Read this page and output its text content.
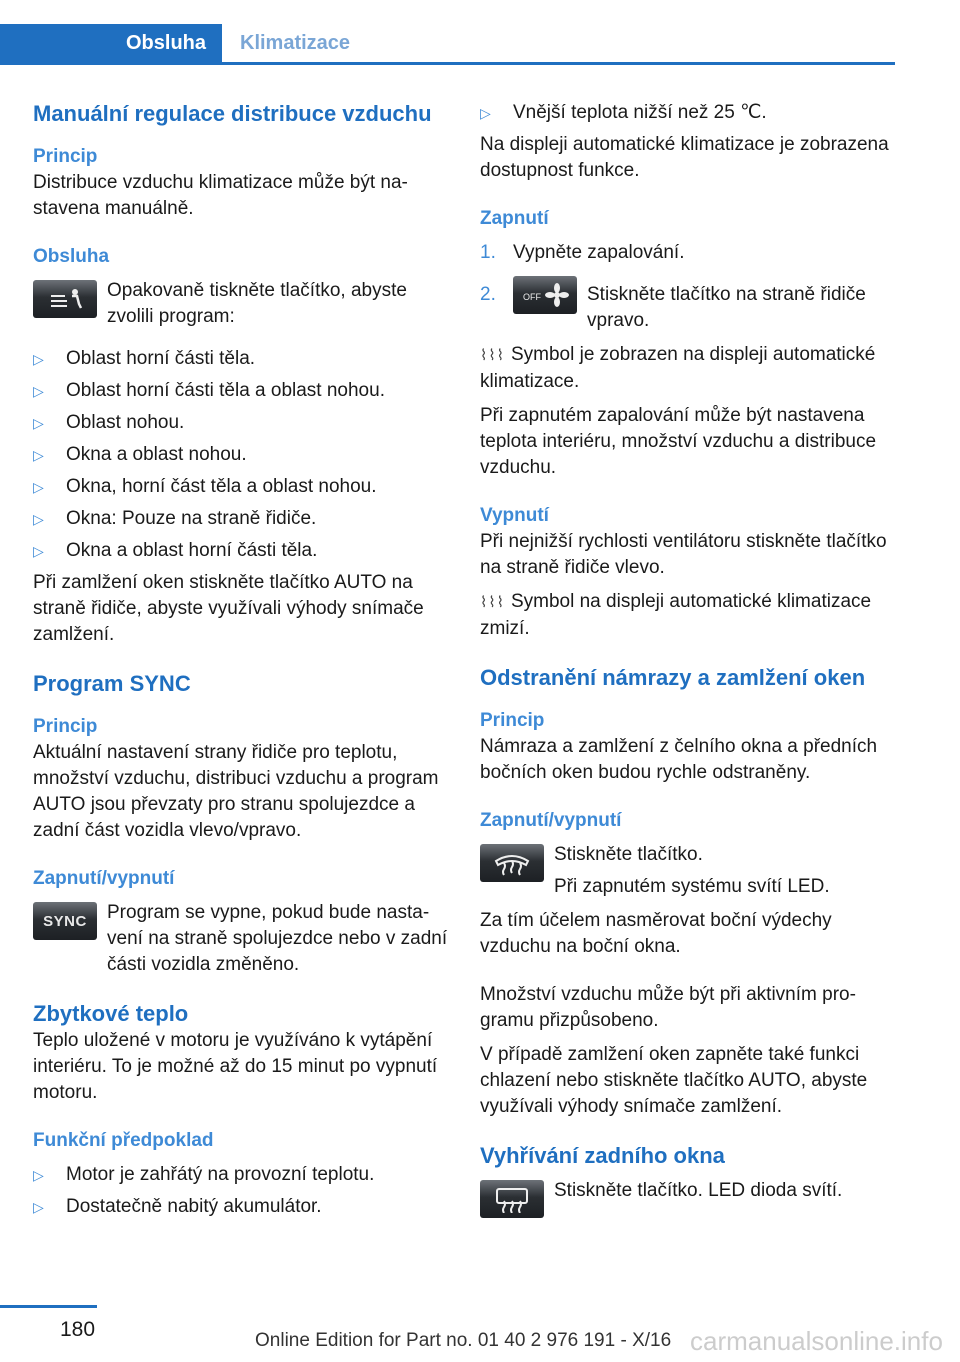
Obsluha Klimatizace
Manuální regulace distribuce vzduchu
Princip

Distribuce vzduchu klimatizace může být nastavena manuálně.

Obsluha

Opakovaně tiskněte tlačítko, abyste zvolili program:

▷	Oblast horní části těla.
▷	Oblast horní části těla a oblast nohou.
▷	Oblast nohou.
▷	Okna a oblast nohou.
▷	Okna, horní část těla a oblast nohou.
▷	Okna: Pouze na straně řidiče.
▷	Okna a oblast horní části těla.

Při zamlžení oken stiskněte tlačítko AUTO na straně řidiče, abyste využívali výhody snímače zamlžení.

Program SYNC
Princip

Aktuální nastavení strany řidiče pro teplotu, množství vzduchu, distribuci vzduchu a program AUTO jsou převzaty pro stranu spolujezdce a zadní část vozidla vlevo/vpravo.

Zapnutí/vypnutí
SYNC Program se vypne, pokud bude nastavení na straně spolujezdce nebo v zadní části vozidla změněno.

Zbytkové teplo

Teplo uložené v motoru je využíváno k vytápění interiéru. To je možné až do 15 minut po vypnutí motoru.

Funkční předpoklad
▷	Motor je zahřátý na provozní teplotu.
▷	Dostatečně nabitý akumulátor.
▷	Vnější teplota nižší než 25 ℃.

Na displeji automatické klimatizace je zobrazena dostupnost funkce.

Zapnutí
1. Vypněte zapalování.
2.	OFF Stiskněte tlačítko na straně řidiče vpravo.

⌇⌇⌇ Symbol je zobrazen na displeji automatické klimatizace.

Při zapnutém zapalování může být nastavena teplota interiéru, množství vzduchu a distribuce vzduchu.

Vypnutí

Při nejnižší rychlosti ventilátoru stiskněte tlačítko na straně řidiče vlevo.

⌇⌇⌇ Symbol na displeji automatické klimatizace zmizí.

Odstranění námrazy a zamlžení oken
Princip

Námraza a zamlžení z čelního okna a předních bočních oken budou rychle odstraněny.

Zapnutí/vypnutí

Stiskněte tlačítko.

Při zapnutém systému svítí LED.

Za tím účelem nasměrovat boční výdechy vzduchu na boční okna.

Množství vzduchu může být při aktivním programu přizpůsobeno.

V případě zamlžení oken zapněte také funkci chlazení nebo stiskněte tlačítko AUTO, abyste využívali výhody snímače zamlžení.

Vyhřívání zadního okna

Stiskněte tlačítko. LED dioda svítí.

180	Online Edition for Part no. 01 40 2 976 191 - X/16 carmanualsonline.info
